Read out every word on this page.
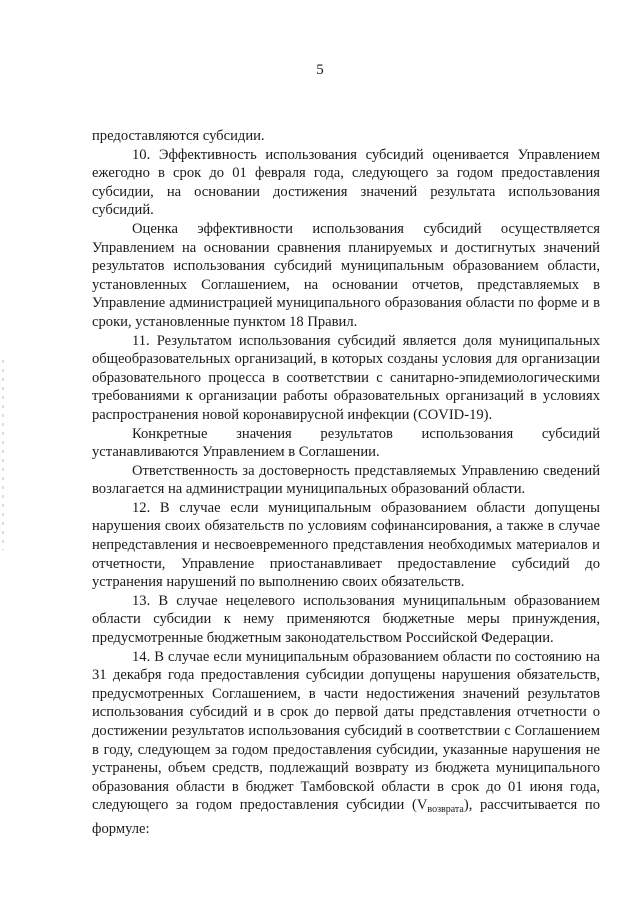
5

предоставляются субсидии.

10. Эффективность использования субсидий оценивается Управлением ежегодно в срок до 01 февраля года, следующего за годом предоставления субсидии, на основании достижения значений результата использования субсидий.

Оценка эффективности использования субсидий осуществляется Управлением на основании сравнения планируемых и достигнутых значений результатов использования субсидий муниципальным образованием области, установленных Соглашением, на основании отчетов, представляемых в Управление администрацией муниципального образования области по форме и в сроки, установленные пунктом 18 Правил.

11. Результатом использования субсидий является доля муниципальных общеобразовательных организаций, в которых созданы условия для организации образовательного процесса в соответствии с санитарно-эпидемиологическими требованиями к организации работы образовательных организаций в условиях распространения новой коронавирусной инфекции (COVID-19).

Конкретные значения результатов использования субсидий устанавливаются Управлением в Соглашении.

Ответственность за достоверность представляемых Управлению сведений возлагается на администрации муниципальных образований области.

12. В случае если муниципальным образованием области допущены нарушения своих обязательств по условиям софинансирования, а также в случае непредставления и несвоевременного представления необходимых материалов и отчетности, Управление приостанавливает предоставление субсидий до устранения нарушений по выполнению своих обязательств.

13. В случае нецелевого использования муниципальным образованием области субсидии к нему применяются бюджетные меры принуждения, предусмотренные бюджетным законодательством Российской Федерации.

14. В случае если муниципальным образованием области по состоянию на 31 декабря года предоставления субсидии допущены нарушения обязательств, предусмотренных Соглашением, в части недостижения значений результатов использования субсидий и в срок до первой даты представления отчетности о достижении результатов использования субсидий в соответствии с Соглашением в году, следующем за годом предоставления субсидии, указанные нарушения не устранены, объем средств, подлежащий возврату из бюджета муниципального образования области в бюджет Тамбовской области в срок до 01 июня года, следующего за годом предоставления субсидии $(V_{возврата})$, рассчитывается по формуле:
